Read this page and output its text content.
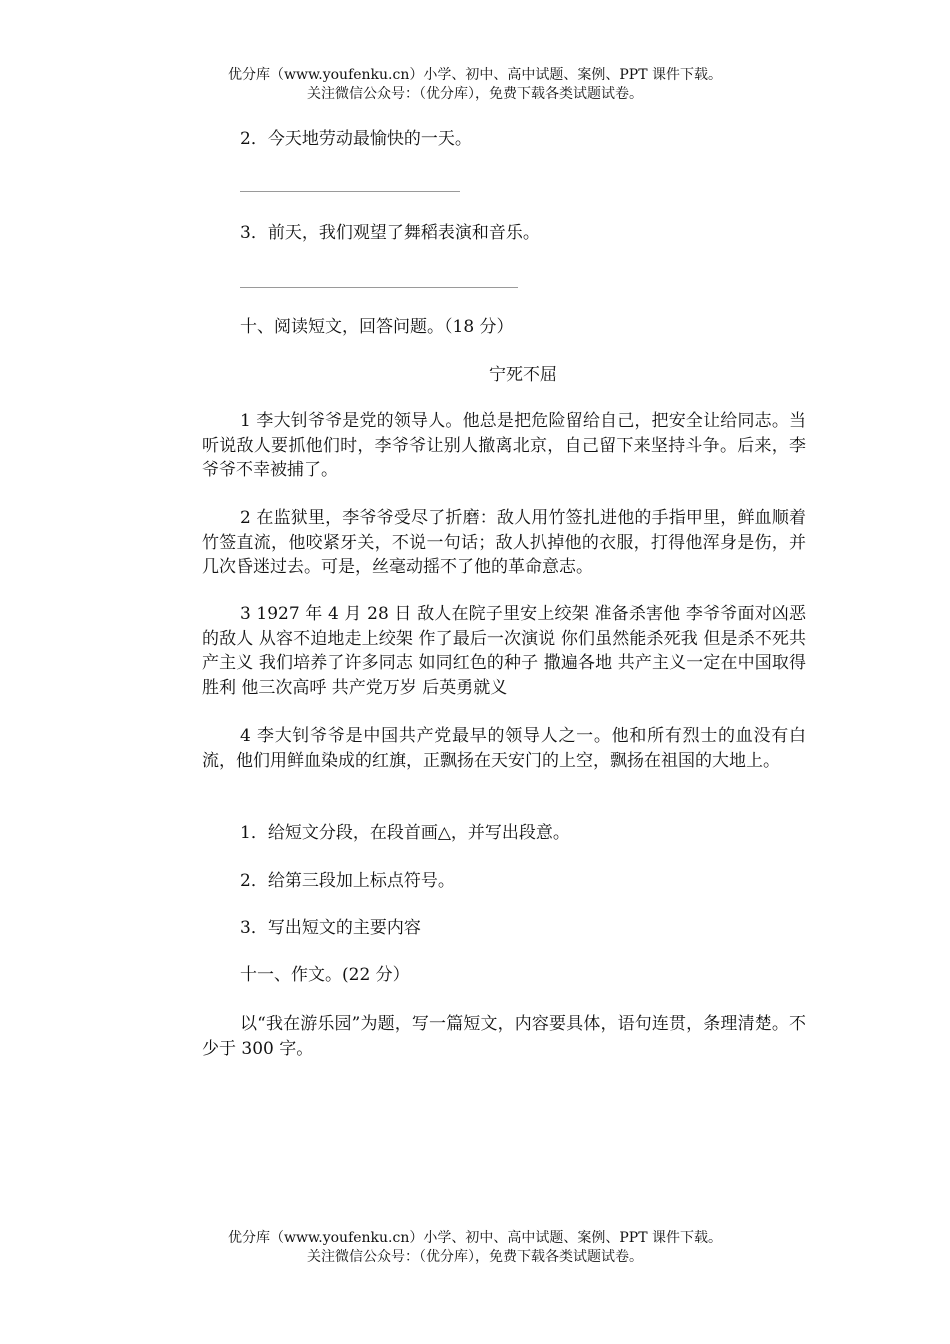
优分库（www.youfenku.cn）小学、初中、高中试题、案例、PPT 课件下载。
关注微信公众号：（优分库），免费下载各类试题试卷。
2．今天地劳动最愉快的一天。
3．前天，我们观望了舞稻表演和音乐。
十、阅读短文，回答问题。（18 分）
宁死不屈
1 李大钊爷爷是党的领导人。他总是把危险留给自己，把安全让给同志。当听说敌人要抓他们时，李爷爷让别人撤离北京，自己留下来坚持斗争。后来，李爷爷不幸被捕了。
2 在监狱里，李爷爷受尽了折磨：敌人用竹签扎进他的手指甲里，鲜血顺着竹签直流，他咬紧牙关，不说一句话；敌人扒掉他的衣服，打得他浑身是伤，并几次昏迷过去。可是，丝毫动摇不了他的革命意志。
3 1927 年 4 月 28 日 敌人在院子里安上绞架 准备杀害他 李爷爷面对凶恶的敌人 从容不迫地走上绞架 作了最后一次演说 你们虽然能杀死我 但是杀不死共产主义 我们培养了许多同志 如同红色的种子 撒遍各地 共产主义一定在中国取得胜利 他三次高呼 共产党万岁 后英勇就义
4 李大钊爷爷是中国共产党最早的领导人之一。他和所有烈士的血没有白流，他们用鲜血染成的红旗，正飘扬在天安门的上空，飘扬在祖国的大地上。
1．给短文分段，在段首画△，并写出段意。
2．给第三段加上标点符号。
3．写出短文的主要内容
十一、作文。(22 分）
以“我在游乐园”为题，写一篇短文，内容要具体，语句连贯，条理清楚。不少于 300 字。
优分库（www.youfenku.cn）小学、初中、高中试题、案例、PPT 课件下载。
关注微信公众号：（优分库），免费下载各类试题试卷。
